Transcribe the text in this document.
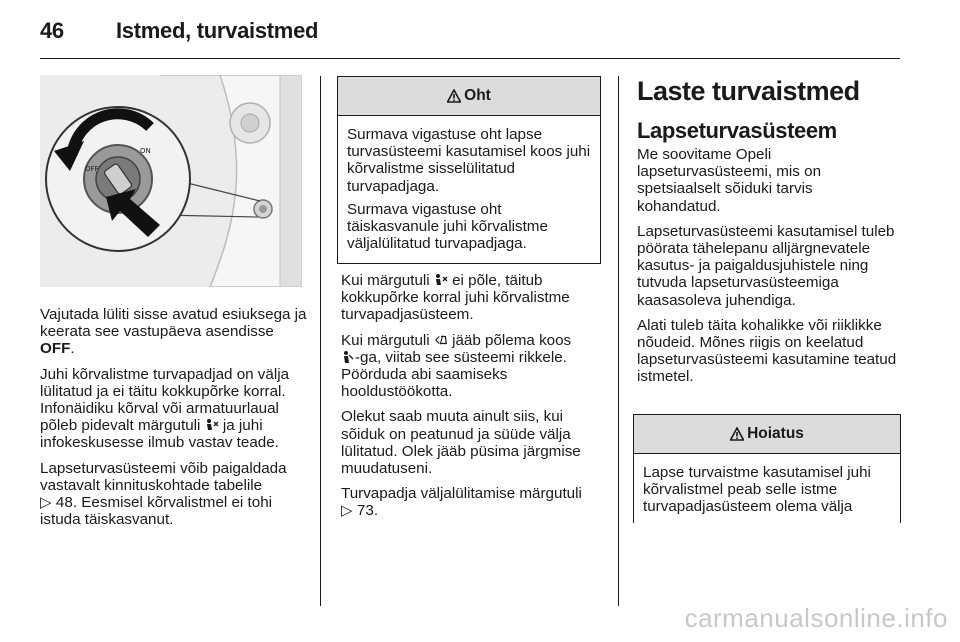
46 Istmed, turvaistmed
ON
OFF

Vajutada lüliti sisse avatud esiuksega ja keerata see vastupäeva asendisse OFF.

Juhi kõrvalistme turvapadjad on välja lülitatud ja ei täitu kokkupõrke korral. Infonäidiku kõrval või armatuurlaual põleb pidevalt märgutuli ja juhi infokeskusesse ilmub vastav teade.

Lapseturvasüsteemi võib paigaldada vastavalt kinnituskohtade tabelile
▷ 48. Eesmisel kõrvalistmel ei tohi istuda täiskasvanut.

Oht

Surmava vigastuse oht lapse turvasüsteemi kasutamisel koos juhi kõrvalistme sisselülitatud turvapadjaga.

Surmava vigastuse oht täiskasvanule juhi kõrvalistme väljalülitatud turvapadjaga.

Kui märgutuli ei põle, täitub kokkupõrke korral juhi kõrvalistme turvapadjasüsteem.

Kui märgutuli jääb põlema koos
-ga, viitab see süsteemi rikkele. Pöörduda abi saamiseks hooldustöökotta.

Olekut saab muuta ainult siis, kui sõiduk on peatunud ja süüde välja lülitatud. Olek jääb püsima järgmise muudatuseni.

Turvapadja väljalülitamise märgutuli
▷ 73.

Laste turvaistmed
Lapseturvasüsteem

Me soovitame Opeli lapseturvasüsteemi, mis on spetsiaalselt sõiduki tarvis kohandatud.

Lapseturvasüsteemi kasutamisel tuleb pöörata tähelepanu alljärgnevatele kasutus- ja paigaldusjuhistele ning tutvuda lapseturvasüsteemiga kaasasoleva juhendiga.

Alati tuleb täita kohalikke või riiklikke nõudeid. Mõnes riigis on keelatud lapseturvasüsteemi kasutamine teatud istmetel.

Hoiatus

Lapse turvaistme kasutamisel juhi kõrvalistmel peab selle istme turvapadjasüsteem olema välja

carmanualsonline.info
